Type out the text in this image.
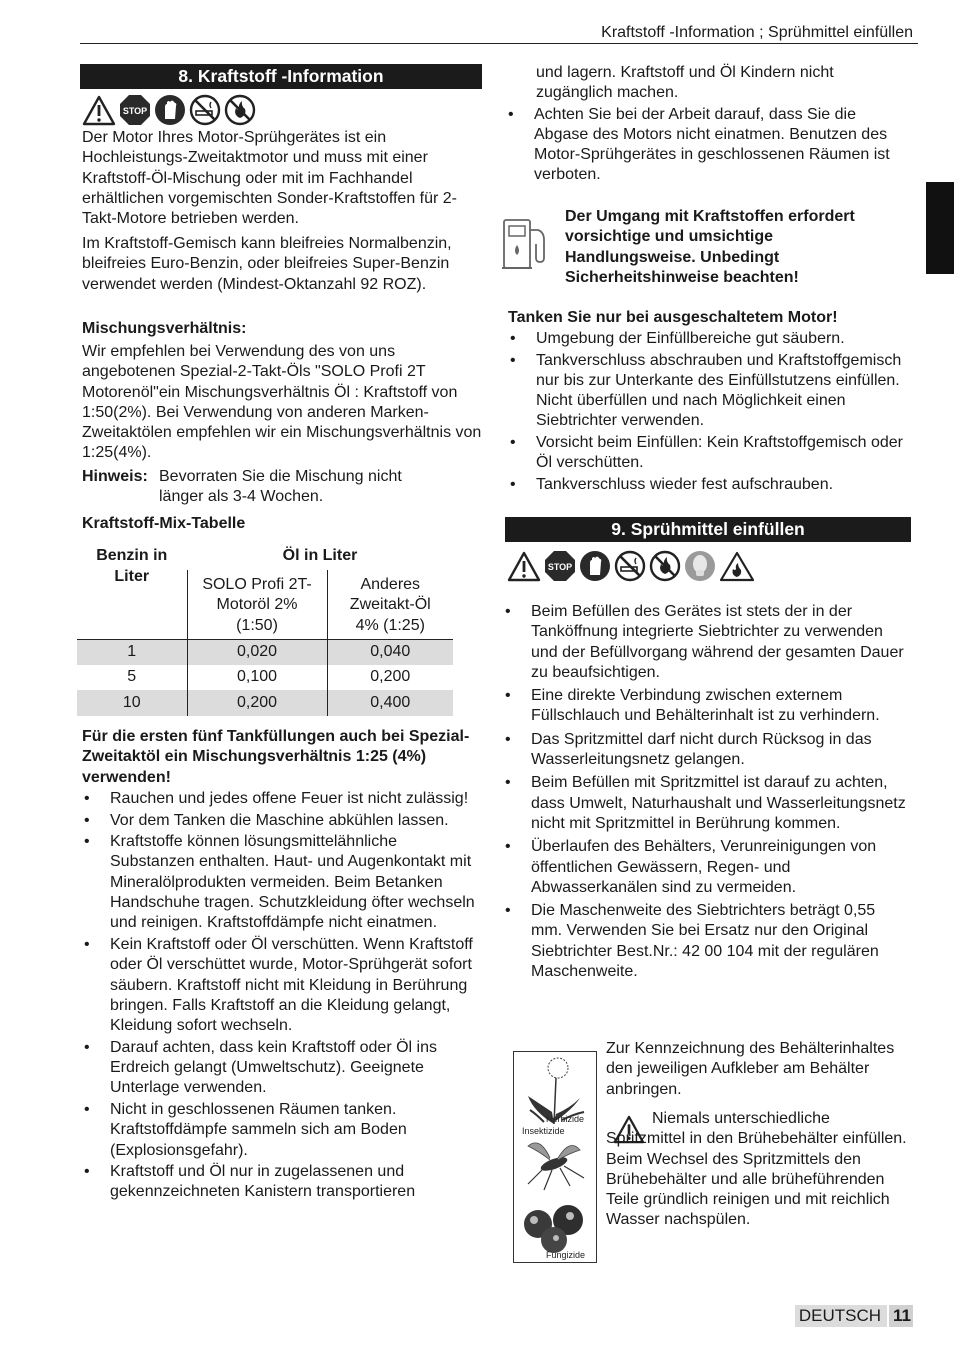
Kraftstoff -Information ; Sprühmittel einfüllen
8. Kraftstoff -Information
STOP

Der Motor Ihres Motor-Sprühgerätes ist ein Hochleistungs-Zweitaktmotor und muss mit einer Kraftstoff-Öl-Mischung oder mit im Fachhandel erhältlichen vorgemischten Sonder-Kraftstoffen für 2-Takt-Motore betrieben werden.

Im Kraftstoff-Gemisch kann bleifreies Normalbenzin, bleifreies Euro-Benzin, oder bleifreies Super-Benzin verwendet werden (Mindest-Oktanzahl 92 ROZ).

Mischungsverhältnis:

Wir empfehlen bei Verwendung des von uns angebotenen Spezial-2-Takt-Öls "SOLO Profi 2T Motorenöl"ein Mischungsverhältnis Öl : Kraftstoff von 1:50(2%). Bei Verwendung von anderen Marken-Zweitaktölen empfehlen wir ein Mischungsverhältnis von 1:25(4%).

Hinweis: Bevorraten Sie die Mischung nicht länger als 3-4 Wochen.

Kraftstoff-Mix-Tabelle

Benzin in Liter	Öl in Liter	
	SOLO Profi 2T-Motoröl 2% (1:50)	Anderes Zweitakt-Öl 4% (1:25)
1	0,020	0,040
5	0,100	0,200
10	0,200	0,400

Für die ersten fünf Tankfüllungen auch bei Spezial-Zweitaktöl ein Mischungsverhältnis 1:25 (4%) verwenden!

• Rauchen und jedes offene Feuer ist nicht zulässig!
• Vor dem Tanken die Maschine abkühlen lassen.
• Kraftstoffe können lösungsmittelähnliche Substanzen enthalten. Haut- und Augenkontakt mit Mineralölprodukten vermeiden. Beim Betanken Handschuhe tragen. Schutzkleidung öfter wechseln und reinigen. Kraftstoffdämpfe nicht einatmen.
• Kein Kraftstoff oder Öl verschütten. Wenn Kraftstoff oder Öl verschüttet wurde, Motor-Sprühgerät sofort säubern. Kraftstoff nicht mit Kleidung in Berührung bringen. Falls Kraftstoff an die Kleidung gelangt, Kleidung sofort wechseln.
• Darauf achten, dass kein Kraftstoff oder Öl ins Erdreich gelangt (Umweltschutz). Geeignete Unterlage verwenden.
• Nicht in geschlossenen Räumen tanken. Kraftstoffdämpfe sammeln sich am Boden (Explosionsgefahr).
• Kraftstoff und Öl nur in zugelassenen und gekennzeichneten Kanistern transportieren

und lagern. Kraftstoff und Öl Kindern nicht zugänglich machen.

• Achten Sie bei der Arbeit darauf, dass Sie die Abgase des Motors nicht einatmen. Benutzen des Motor-Sprühgerätes in geschlossenen Räumen ist verboten.

Der Umgang mit Kraftstoffen erfordert vorsichtige und umsichtige Handlungsweise. Unbedingt Sicherheitshinweise beachten!

Tanken Sie nur bei ausgeschaltetem Motor!

• Umgebung der Einfüllbereiche gut säubern.
• Tankverschluss abschrauben und Kraftstoffgemisch nur bis zur Unterkante des Einfüllstutzens einfüllen. Nicht überfüllen und nach Möglichkeit einen Siebtrichter verwenden.
• Vorsicht beim Einfüllen: Kein Kraftstoffgemisch oder Öl verschütten.
• Tankverschluss wieder fest aufschrauben.
9. Sprühmittel einfüllen
STOP
• Beim Befüllen des Gerätes ist stets der in der Tanköffnung integrierte Siebtrichter zu verwenden und der Befüllvorgang während der gesamten Dauer zu beaufsichtigen.
• Eine direkte Verbindung zwischen externem Füllschlauch und Behälterinhalt ist zu verhindern.
• Das Spritzmittel darf nicht durch Rücksog in das Wasserleitungsnetz gelangen.
• Beim Befüllen mit Spritzmittel ist darauf zu achten, dass Umwelt, Naturhaushalt und Wasserleitungsnetz nicht mit Spritzmittel in Berührung kommen.
• Überlaufen des Behälters, Verunreinigungen von öffentlichen Gewässern, Regen- und Abwasserkanälen sind zu vermeiden.
• Die Maschenweite des Siebtrichters beträgt 0,55 mm. Verwenden Sie bei Ersatz nur den Original Siebtrichter Best.Nr.: 42 00 104 mit der regulären Maschenweite.
Herbizide
Insektizide
Fungizide

Zur Kennzeichnung des Behälterinhaltes den jeweiligen Aufkleber am Behälter anbringen.

Niemals unterschiedliche Spritzmittel in den Brühebehälter einfüllen. Beim Wechsel des Spritzmittels den Brühebehälter und alle brüheführenden Teile gründlich reinigen und mit reichlich Wasser nachspülen.

DEUTSCH 11
